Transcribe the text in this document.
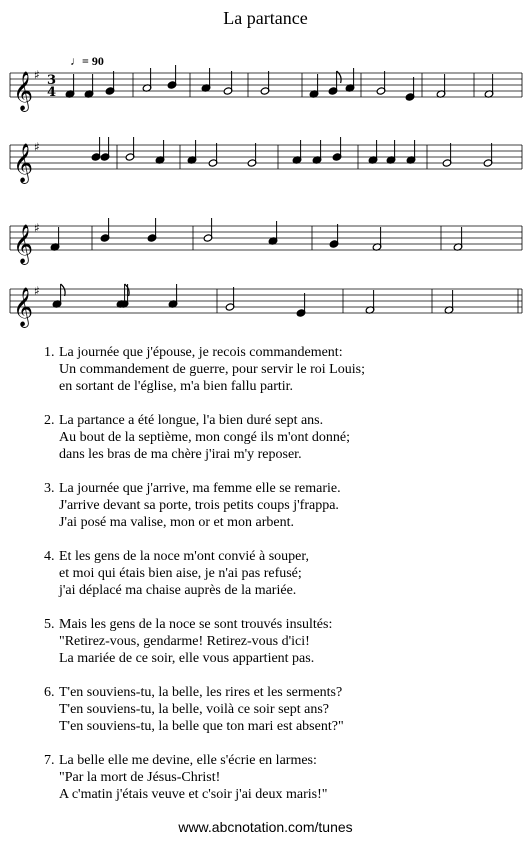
La partance
♩= 90
𝄞 ♯
𝄞 ♯
𝄞 ♯
𝄞 ♯
3
4
1. La journée que j'épouse, je recois commandement:
Un commandement de guerre, pour servir le roi Louis;
en sortant de l'église, m'a bien fallu partir.
2. La partance a été longue, l'a bien duré sept ans.
Au bout de la septième, mon congé ils m'ont donné;
dans les bras de ma chère j'irai m'y reposer.
3. La journée que j'arrive, ma femme elle se remarie.
J'arrive devant sa porte, trois petits coups j'frappa.
J'ai posé ma valise, mon or et mon arbent.
4. Et les gens de la noce m'ont convié à souper,
et moi qui étais bien aise, je n'ai pas refusé;
j'ai déplacé ma chaise auprès de la mariée.
5. Mais les gens de la noce se sont trouvés insultés:
"Retirez-vous, gendarme! Retirez-vous d'ici!
La mariée de ce soir, elle vous appartient pas.
6. T'en souviens-tu, la belle, les rires et les serments?
T'en souviens-tu, la belle, voilà ce soir sept ans?
T'en souviens-tu, la belle que ton mari est absent?"
7. La belle elle me devine, elle s'écrie en larmes:
"Par la mort de Jésus-Christ!
A c'matin j'étais veuve et c'soir j'ai deux maris!"
www.abcnotation.com/tunes
